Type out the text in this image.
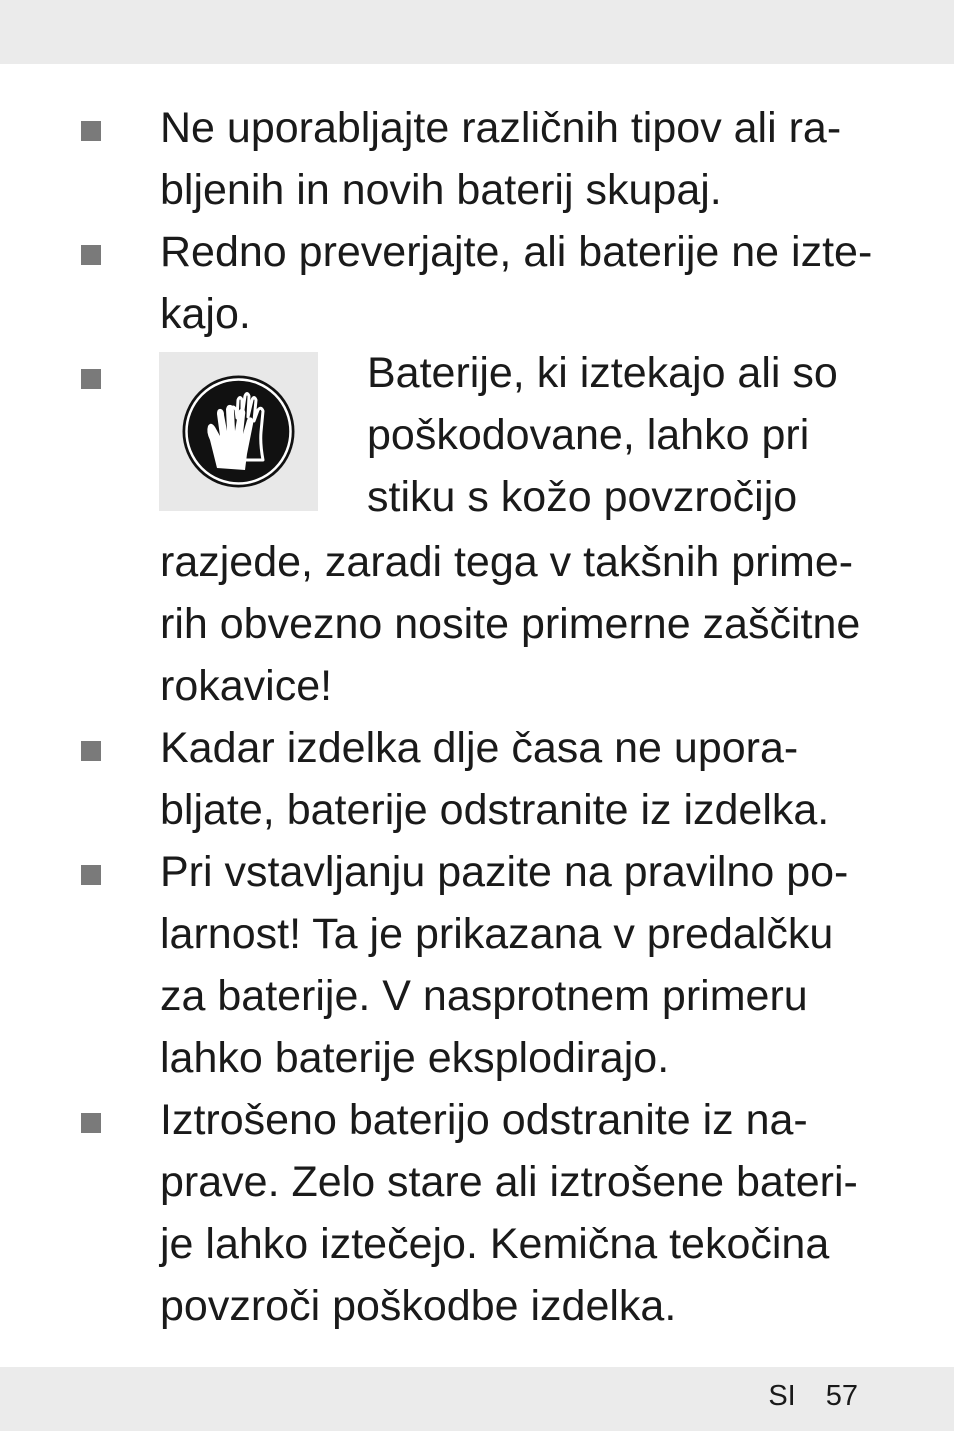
Ne uporabljajte različnih tipov ali ra-
bljenih in novih baterij skupaj.

Redno preverjajte, ali baterije ne izte-
kajo.

Baterije, ki iztekajo ali so
poškodovane, lahko pri
stiku s kožo povzročijo

razjede, zaradi tega v takšnih prime-
rih obvezno nosite primerne zaščitne
rokavice!

Kadar izdelka dlje časa ne upora-
bljate, baterije odstranite iz izdelka.

Pri vstavljanju pazite na pravilno po-
larnost! Ta je prikazana v predalčku
za baterije. V nasprotnem primeru
lahko baterije eksplodirajo.

Iztrošeno baterijo odstranite iz na-
prave. Zelo stare ali iztrošene bateri-
je lahko iztečejo. Kemična tekočina
povzroči poškodbe izdelka.

SI 57
